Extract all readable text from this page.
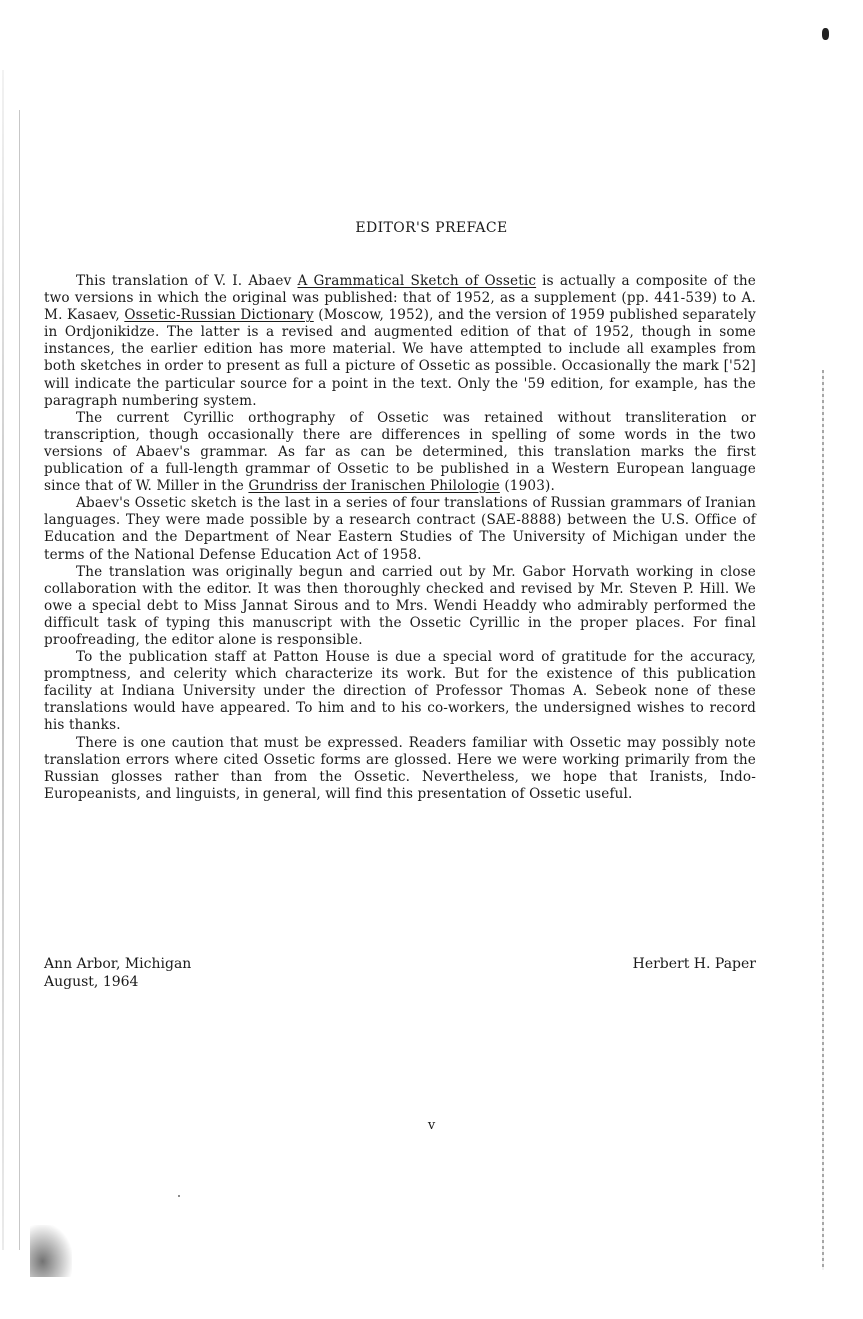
EDITOR'S PREFACE

This translation of V. I. Abaev A Grammatical Sketch of Ossetic is actually a composite of the two versions in which the original was published: that of 1952, as a supplement (pp. 441-539) to A. M. Kasaev, Ossetic-Russian Dictionary (Moscow, 1952), and the version of 1959 published separately in Ordjonikidze. The latter is a revised and augmented edition of that of 1952, though in some instances, the earlier edition has more material. We have attempted to include all examples from both sketches in order to present as full a picture of Ossetic as possible. Occasionally the mark ['52] will indicate the particular source for a point in the text. Only the '59 edition, for example, has the paragraph numbering system.

The current Cyrillic orthography of Ossetic was retained without transliteration or transcription, though occasionally there are differences in spelling of some words in the two versions of Abaev's grammar. As far as can be determined, this translation marks the first publication of a full-length grammar of Ossetic to be published in a Western European language since that of W. Miller in the Grundriss der Iranischen Philologie (1903).

Abaev's Ossetic sketch is the last in a series of four translations of Russian grammars of Iranian languages. They were made possible by a research contract (SAE-8888) between the U.S. Office of Education and the Department of Near Eastern Studies of The University of Michigan under the terms of the National Defense Education Act of 1958.

The translation was originally begun and carried out by Mr. Gabor Horvath working in close collaboration with the editor. It was then thoroughly checked and revised by Mr. Steven P. Hill. We owe a special debt to Miss Jannat Sirous and to Mrs. Wendi Headdy who admirably performed the difficult task of typing this manuscript with the Ossetic Cyrillic in the proper places. For final proofreading, the editor alone is responsible.

To the publication staff at Patton House is due a special word of gratitude for the accuracy, promptness, and celerity which characterize its work. But for the existence of this publication facility at Indiana University under the direction of Professor Thomas A. Sebeok none of these translations would have appeared. To him and to his co-workers, the undersigned wishes to record his thanks.

There is one caution that must be expressed. Readers familiar with Ossetic may possibly note translation errors where cited Ossetic forms are glossed. Here we were working primarily from the Russian glosses rather than from the Ossetic. Nevertheless, we hope that Iranists, Indo-Europeanists, and linguists, in general, will find this presentation of Ossetic useful.

Ann Arbor, Michigan
August, 1964
Herbert H. Paper
v
